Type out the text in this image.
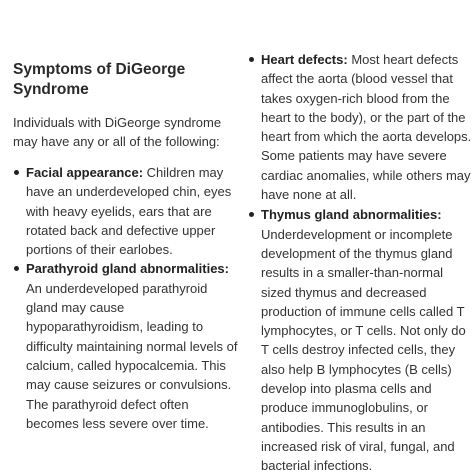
Symptoms of DiGeorge Syndrome

Individuals with DiGeorge syndrome may have any or all of the following:

Facial appearance: Children may have an underdeveloped chin, eyes with heavy eyelids, ears that are rotated back and defective upper portions of their earlobes.
Parathyroid gland abnormalities: An underdeveloped parathyroid gland may cause hypoparathyroidism, leading to difficulty maintaining normal levels of calcium, called hypocalcemia. This may cause seizures or convulsions. The parathyroid defect often becomes less severe over time.
Heart defects: Most heart defects affect the aorta (blood vessel that takes oxygen-rich blood from the heart to the body), or the part of the heart from which the aorta develops. Some patients may have severe cardiac anomalies, while others may have none at all.
Thymus gland abnormalities: Underdevelopment or incomplete development of the thymus gland results in a smaller-than-normal sized thymus and decreased production of immune cells called T lymphocytes, or T cells. Not only do T cells destroy infected cells, they also help B lymphocytes (B cells) develop into plasma cells and produce immunoglobulins, or antibodies. This results in an increased risk of viral, fungal, and bacterial infections.
